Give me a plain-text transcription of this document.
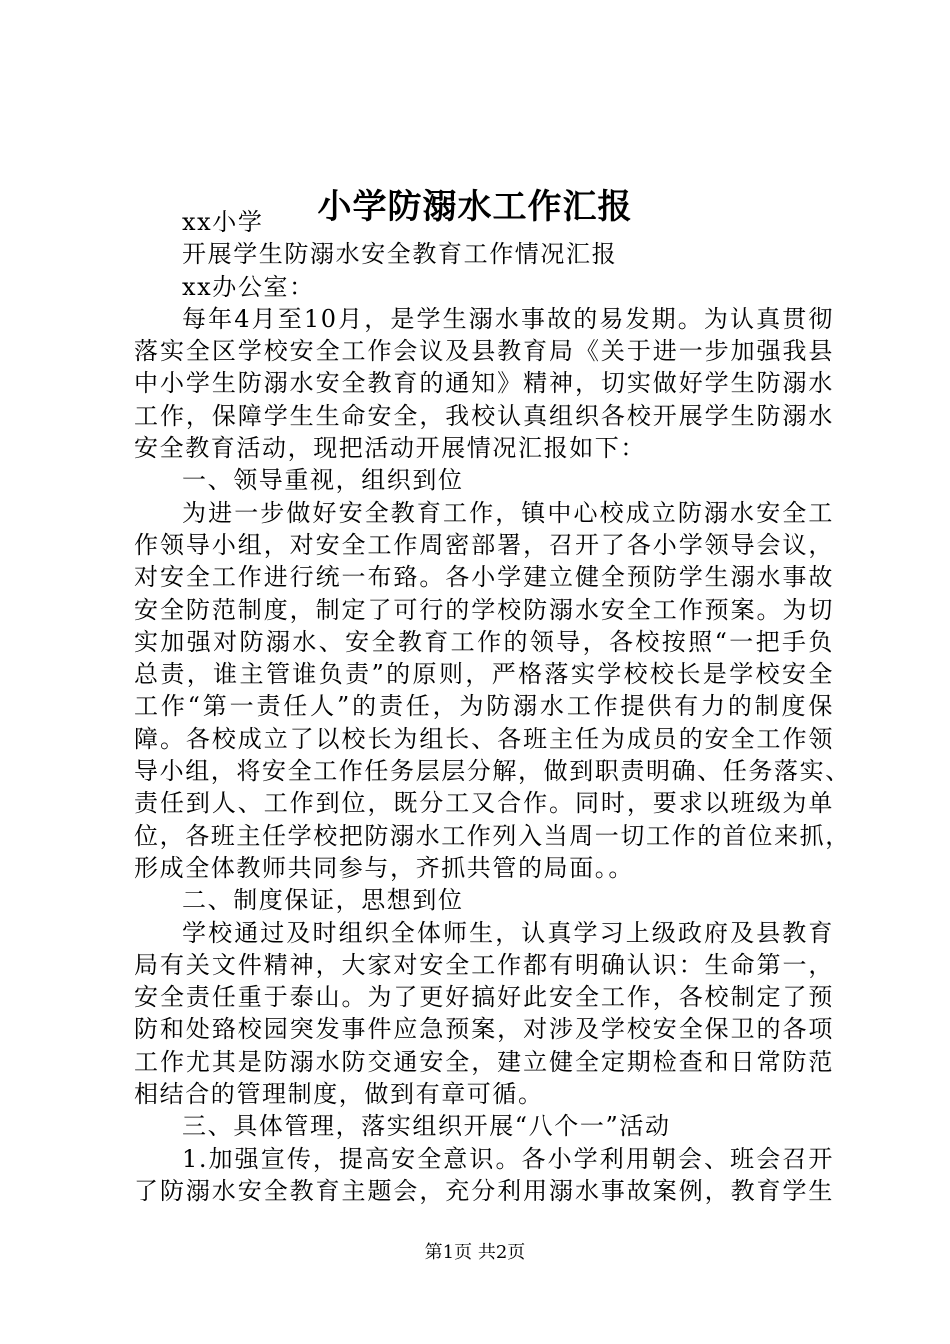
小学防溺水工作汇报
xx小学
开展学生防溺水安全教育工作情况汇报
xx办公室：
每年4月至10月，是学生溺水事故的易发期。为认真贯彻
落实全区学校安全工作会议及县教育局《关于进一步加强我县
中小学生防溺水安全教育的通知》精神，切实做好学生防溺水
工作，保障学生生命安全，我校认真组织各校开展学生防溺水
安全教育活动，现把活动开展情况汇报如下：
一、领导重视，组织到位
为进一步做好安全教育工作，镇中心校成立防溺水安全工
作领导小组，对安全工作周密部署，召开了各小学领导会议，
对安全工作进行统一布臵。各小学建立健全预防学生溺水事故
安全防范制度，制定了可行的学校防溺水安全工作预案。为切
实加强对防溺水、安全教育工作的领导，各校按照“一把手负
总责，谁主管谁负责”的原则，严格落实学校校长是学校安全
工作“第一责任人”的责任，为防溺水工作提供有力的制度保
障。各校成立了以校长为组长、各班主任为成员的安全工作领
导小组，将安全工作任务层层分解，做到职责明确、任务落实、
责任到人、工作到位，既分工又合作。同时，要求以班级为单
位，各班主任学校把防溺水工作列入当周一切工作的首位来抓，
形成全体教师共同参与，齐抓共管的局面。。
二、制度保证，思想到位
学校通过及时组织全体师生，认真学习上级政府及县教育
局有关文件精神，大家对安全工作都有明确认识：生命第一，
安全责任重于泰山。为了更好搞好此安全工作，各校制定了预
防和处臵校园突发事件应急预案，对涉及学校安全保卫的各项
工作尤其是防溺水防交通安全，建立健全定期检查和日常防范
相结合的管理制度，做到有章可循。
三、具体管理，落实组织开展“八个一”活动
1.加强宣传，提高安全意识。各小学利用朝会、班会召开
了防溺水安全教育主题会，充分利用溺水事故案例，教育学生
第1页 共2页
